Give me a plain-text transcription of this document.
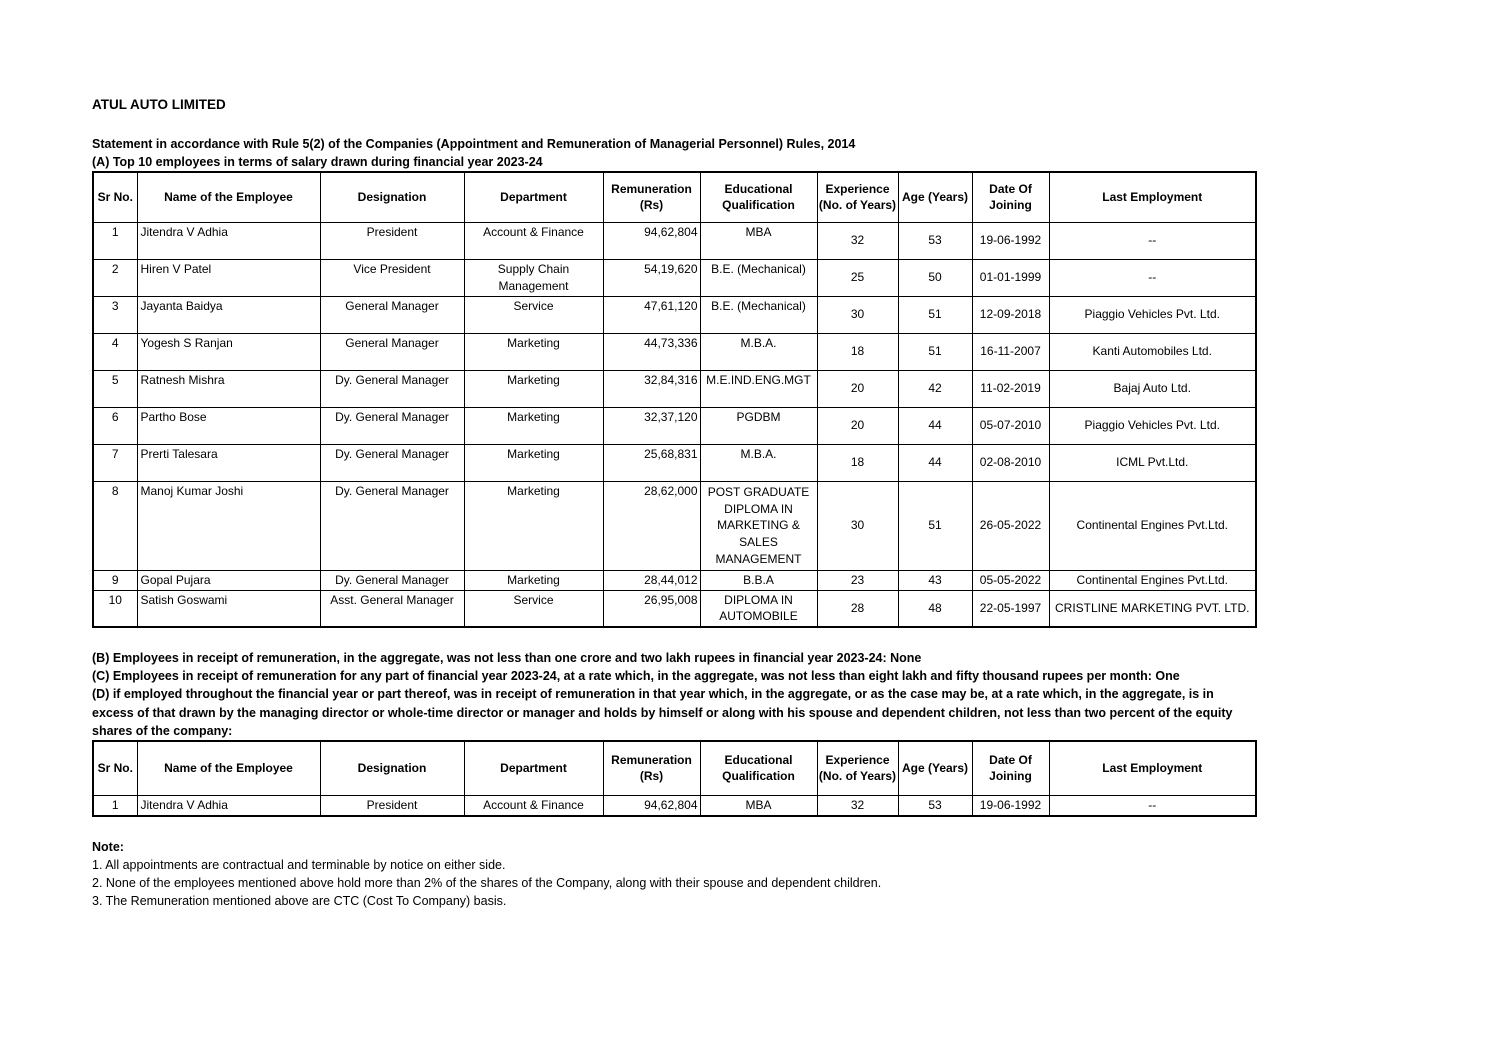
ATUL AUTO LIMITED

Statement in accordance with Rule 5(2) of the Companies (Appointment and Remuneration of Managerial Personnel) Rules, 2014

(A) Top 10 employees in terms of salary drawn during financial year 2023-24

Sr No.	Name of the Employee	Designation	Department	Remuneration (Rs)	Educational Qualification	Experience (No. of Years)	Age (Years)	Date Of Joining	Last Employment
1	Jitendra V Adhia	President	Account & Finance	94,62,804	MBA	32	53	19-06-1992	--
2	Hiren V Patel	Vice President	Supply Chain Management	54,19,620	B.E. (Mechanical)	25	50	01-01-1999	--
3	Jayanta Baidya	General Manager	Service	47,61,120	B.E. (Mechanical)	30	51	12-09-2018	Piaggio Vehicles Pvt. Ltd.
4	Yogesh S Ranjan	General Manager	Marketing	44,73,336	M.B.A.	18	51	16-11-2007	Kanti Automobiles Ltd.
5	Ratnesh Mishra	Dy. General Manager	Marketing	32,84,316	M.E.IND.ENG.MGT	20	42	11-02-2019	Bajaj Auto Ltd.
6	Partho Bose	Dy. General Manager	Marketing	32,37,120	PGDBM	20	44	05-07-2010	Piaggio Vehicles Pvt. Ltd.
7	Prerti Talesara	Dy. General Manager	Marketing	25,68,831	M.B.A.	18	44	02-08-2010	ICML Pvt.Ltd.
8	Manoj Kumar Joshi	Dy. General Manager	Marketing	28,62,000	POST GRADUATE DIPLOMA IN MARKETING & SALES MANAGEMENT	30	51	26-05-2022	Continental Engines Pvt.Ltd.
9	Gopal Pujara	Dy. General Manager	Marketing	28,44,012	B.B.A	23	43	05-05-2022	Continental Engines Pvt.Ltd.
10	Satish Goswami	Asst. General Manager	Service	26,95,008	DIPLOMA IN AUTOMOBILE	28	48	22-05-1997	CRISTLINE MARKETING PVT. LTD.

(B) Employees in receipt of remuneration, in the aggregate, was not less than one crore and two lakh rupees in financial year 2023-24: None

(C) Employees in receipt of remuneration for any part of financial year 2023-24, at a rate which, in the aggregate, was not less than eight lakh and fifty thousand rupees per month: One

(D) if employed throughout the financial year or part thereof, was in receipt of remuneration in that year which, in the aggregate, or as the case may be, at a rate which, in the aggregate, is in excess of that drawn by the managing director or whole-time director or manager and holds by himself or along with his spouse and dependent children, not less than two percent of the equity shares of the company:

Sr No.	Name of the Employee	Designation	Department	Remuneration (Rs)	Educational Qualification	Experience (No. of Years)	Age (Years)	Date Of Joining	Last Employment
1	Jitendra V Adhia	President	Account & Finance	94,62,804	MBA	32	53	19-06-1992	--

Note:

1. All appointments are contractual and terminable by notice on either side.

2. None of the employees mentioned above hold more than 2% of the shares of the Company, along with their spouse and dependent children.

3. The Remuneration mentioned above are CTC (Cost To Company) basis.
